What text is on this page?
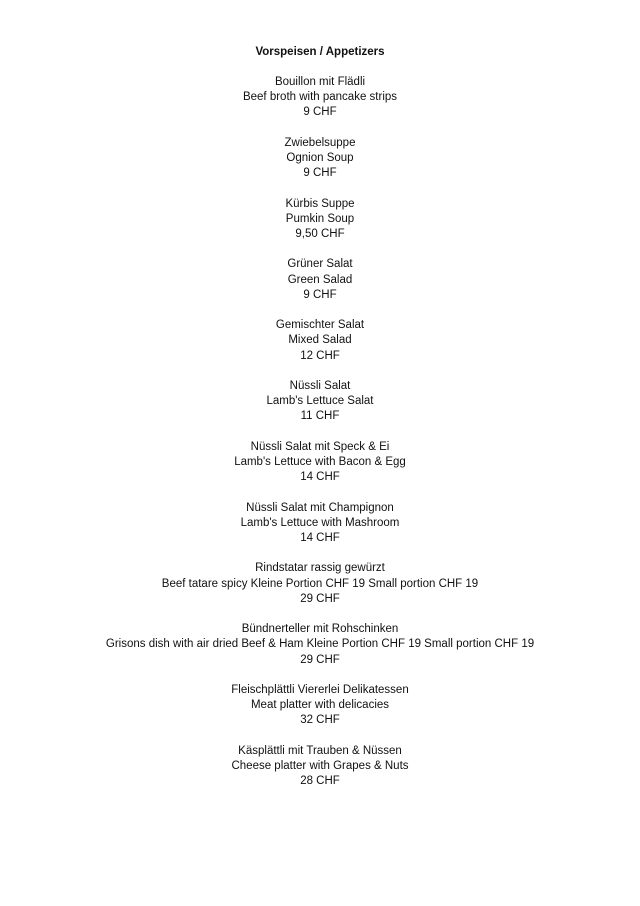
Vorspeisen / Appetizers
Bouillon mit Flädli
Beef broth with pancake strips
9 CHF
Zwiebelsuppe
Ognion Soup
9 CHF
Kürbis Suppe
Pumkin Soup
9,50 CHF
Grüner Salat
Green Salad
9 CHF
Gemischter Salat
Mixed Salad
12 CHF
Nüssli Salat
Lamb's Lettuce Salat
11 CHF
Nüssli Salat mit Speck & Ei
Lamb's Lettuce with Bacon & Egg
14 CHF
Nüssli Salat mit Champignon
Lamb's Lettuce with Mashroom
14 CHF
Rindstatar rassig gewürzt
Beef tatare spicy Kleine Portion CHF 19 Small portion CHF 19
29 CHF
Bündnerteller mit Rohschinken
Grisons dish with air dried Beef & Ham Kleine Portion CHF 19 Small portion CHF 19
29 CHF
Fleischplättli Viererlei Delikatessen
Meat platter with delicacies
32 CHF
Käsplättli mit Trauben & Nüssen
Cheese platter with Grapes & Nuts
28 CHF
